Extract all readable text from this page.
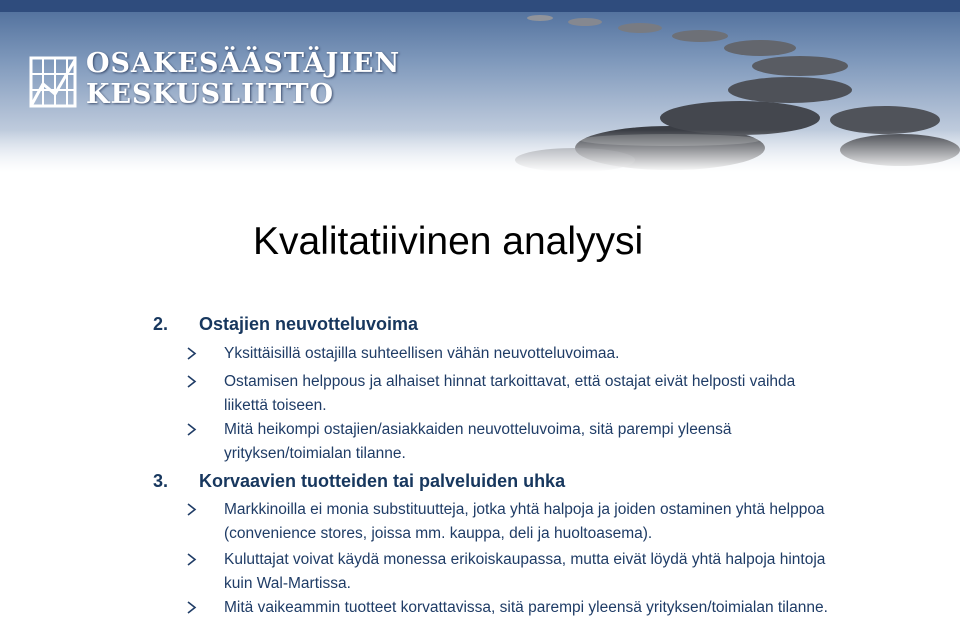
OSAKESÄÄSTÄJIEN
KESKUSLIITTO
Kvalitatiivinen analyysi
2. Ostajien neuvotteluvoima
Yksittäisillä ostajilla suhteellisen vähän neuvotteluvoimaa.
Ostamisen helppous ja alhaiset hinnat tarkoittavat, että ostajat eivät helposti vaihda liikettä toiseen.
Mitä heikompi ostajien/asiakkaiden neuvotteluvoima, sitä parempi yleensä yrityksen/toimialan tilanne.
3. Korvaavien tuotteiden tai palveluiden uhka
Markkinoilla ei monia substituutteja, jotka yhtä halpoja ja joiden ostaminen yhtä helppoa (convenience stores, joissa mm. kauppa, deli ja huoltoasema).
Kuluttajat voivat käydä monessa erikoiskaupassa, mutta eivät löydä yhtä halpoja hintoja kuin Wal-Martissa.
Mitä vaikeammin tuotteet korvattavissa, sitä parempi yleensä yrityksen/toimialan tilanne.
